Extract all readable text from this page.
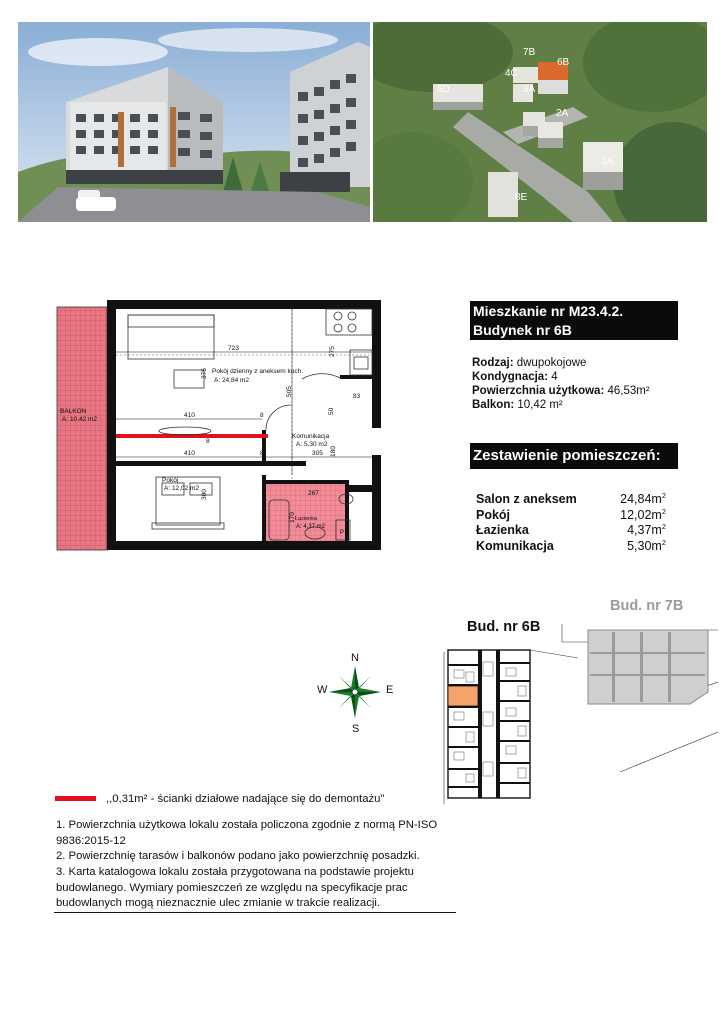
7B
6B
4C
5D	3A
2A
1A
8E
BALKON
A: 10,42 m2
Pokój dzienny z aneksem kuch.
A: 24,84 m2
Pokój
A: 12,02 m2
Komunikacja
A: 5,30 m2
Łazienka
A: 4,37 m2
723
375
505
275
83
410	8
50
180
410	8	305
8
300	267
170
P
Mieszkanie nr M23.4.2.
Budynek nr 6B
Rodzaj: dwupokojowe
Kondygnacja: 4
Powierzchnia użytkowa: 46,53m²
Balkon: 10,42 m²
Zestawienie pomieszczeń:
Salon z aneksem	$24,84m^2$
Pokój	$12,02m^2$
Łazienka	$4,37m^2$
Komunikacja	$5,30m^2$
N
E
S
W
Bud. nr 6B
Bud. nr 7B
,,0,31m² - ścianki działowe nadające się do demontażu"
1. Powierzchnia użytkowa lokalu została policzona zgodnie z normą PN-ISO 9836:2015-12
2. Powierzchnię tarasów i balkonów podano jako powierzchnię posadzki.
3. Karta katalogowa lokalu została przygotowana na podstawie projektu budowlanego. Wymiary pomieszczeń ze względu na specyfikacje prac budowlanych mogą nieznacznie ulec zmianie w trakcie realizacji.
